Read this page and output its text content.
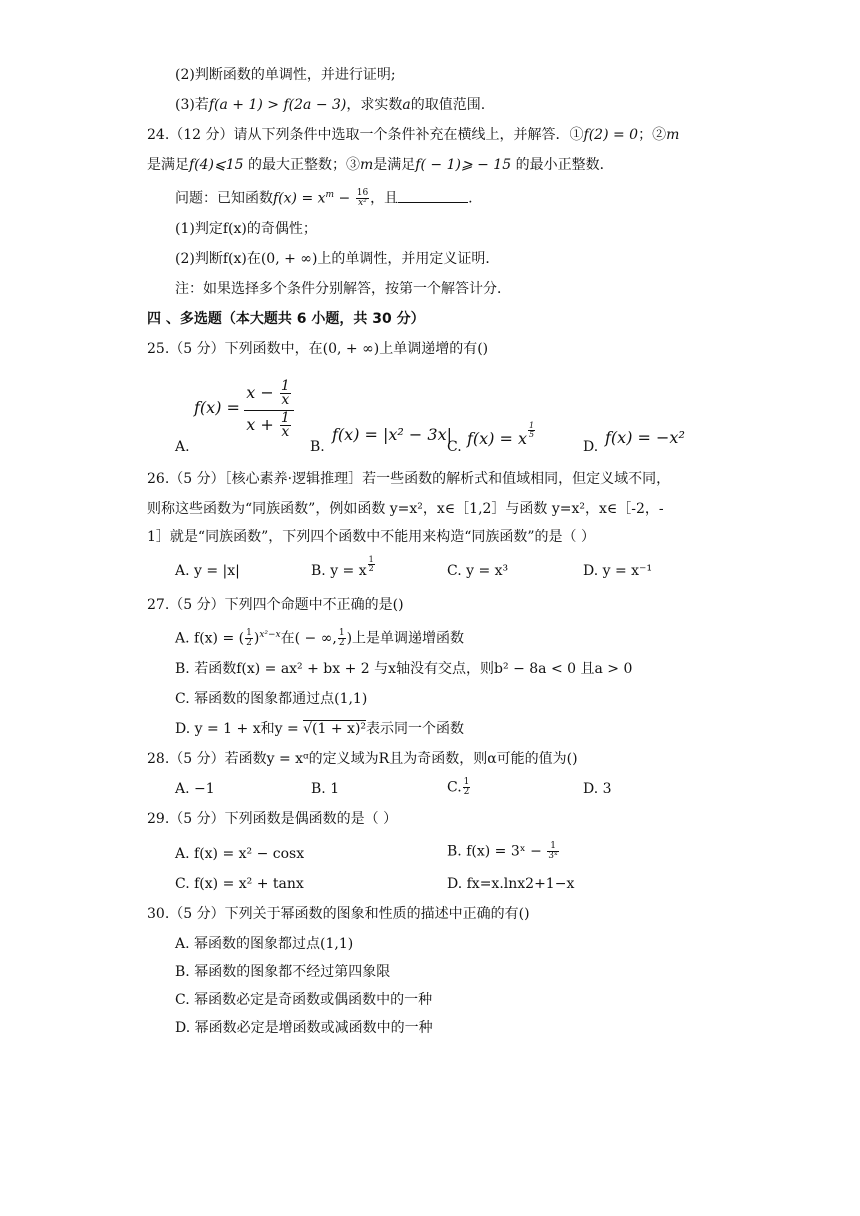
(2)判断函数的单调性，并进行证明;
(3)若f(a + 1) > f(2a − 3)，求实数a的取值范围.
24.（12 分）请从下列条件中选取一个条件补充在横线上，并解答．①f(2) = 0；②m
是满足f(4)⩽15 的最大正整数；③m是满足f( − 1)⩾ − 15 的最小正整数．
问题：已知函数$f(x) = x^m - \frac{16}{\text{x²}}$ ，且	.
(1)判定f(x)的奇偶性；
(2)判断f(x)在(0, + ∞)上的单调性，并用定义证明．
注：如果选择多个条件分别解答，按第一个解答计分．
四 、多选题（本大题共 6 小题，共 30 分）
25.（5 分）下列函数中，在(0, + ∞)上单调递增的有()
A.
f(x) =
$x - \frac{1}{x}$
$x + \frac{1}{x}$
B.
f(x) = |x² − 3x|
C. f(x) = x $\frac{1}{5}$
D. f(x) = −x²
26.（5 分）［核心素养·逻辑推理］若一些函数的解析式和值域相同，但定义域不同，
则称这些函数为“同族函数”，例如函数 y=x²，x∈［1,2］与函数 y=x²，x∈［-2，-
1］就是“同族函数”，下列四个函数中不能用来构造“同族函数”的是（ ）
A. y = |x|	B. y = x $\frac{1}{2}$	C. y = x³	D. y = x⁻¹
27.（5 分）下列四个命题中不正确的是()
A. f(x) = ( $\frac{1}{2} )^{x^2-x}$在( − ∞, $\frac{1}{2}$ )上是单调递增函数
B. 若函数f(x) = ax² + bx + 2 与x轴没有交点，则b² − 8a < 0 且a > 0
C. 幂函数的图象都通过点(1,1)
D. y = 1 + x和y = √(1 + x)²表示同一个函数
28.（5 分）若函数y = xᵅ的定义域为R且为奇函数，则α可能的值为()
A. −1	B. 1	C. $\frac{1}{2}$	D. 3
29.（5 分）下列函数是偶函数的是（ ）
A. f(x) = x² − cosx	B. f(x) = 3ˣ − $\frac{1}{\text{3ˣ}}$
C. f(x) = x² + tanx	D. fx=x.lnx2+1−x
30.（5 分）下列关于幂函数的图象和性质的描述中正确的有()
A. 幂函数的图象都过点(1,1)
B. 幂函数的图象都不经过第四象限
C. 幂函数必定是奇函数或偶函数中的一种
D. 幂函数必定是增函数或减函数中的一种
